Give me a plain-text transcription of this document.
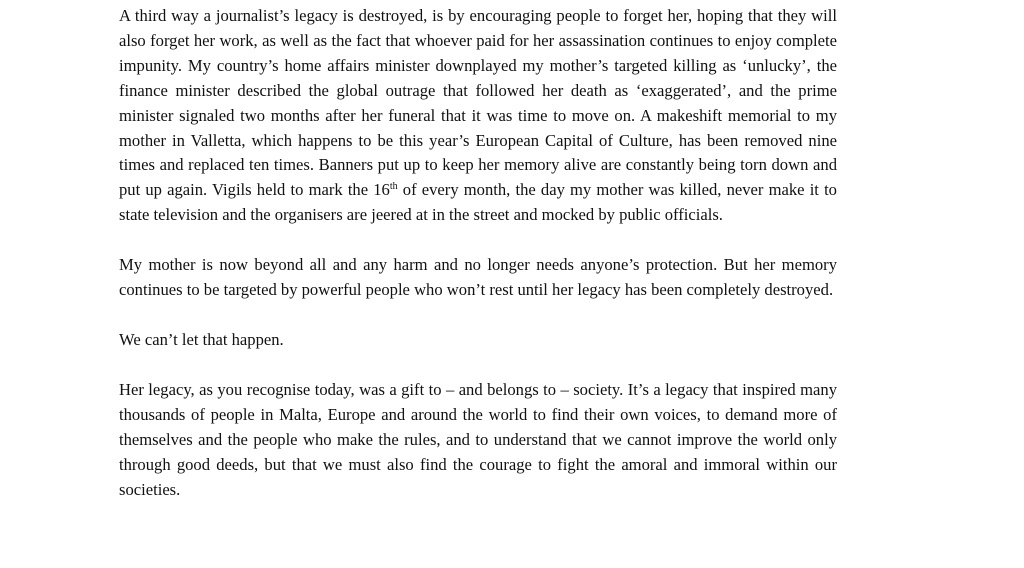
A third way a journalist’s legacy is destroyed, is by encouraging people to forget her, hoping that they will also forget her work, as well as the fact that whoever paid for her assassination continues to enjoy complete impunity. My country’s home affairs minister downplayed my mother’s targeted killing as ‘unlucky’, the finance minister described the global outrage that followed her death as ‘exaggerated’, and the prime minister signaled two months after her funeral that it was time to move on. A makeshift memorial to my mother in Valletta, which happens to be this year’s European Capital of Culture, has been removed nine times and replaced ten times. Banners put up to keep her memory alive are constantly being torn down and put up again. Vigils held to mark the 16th of every month, the day my mother was killed, never make it to state television and the organisers are jeered at in the street and mocked by public officials.

My mother is now beyond all and any harm and no longer needs anyone’s protection. But her memory continues to be targeted by powerful people who won’t rest until her legacy has been completely destroyed.

We can’t let that happen.

Her legacy, as you recognise today, was a gift to – and belongs to – society. It’s a legacy that inspired many thousands of people in Malta, Europe and around the world to find their own voices, to demand more of themselves and the people who make the rules, and to understand that we cannot improve the world only through good deeds, but that we must also find the courage to fight the amoral and immoral within our societies.
